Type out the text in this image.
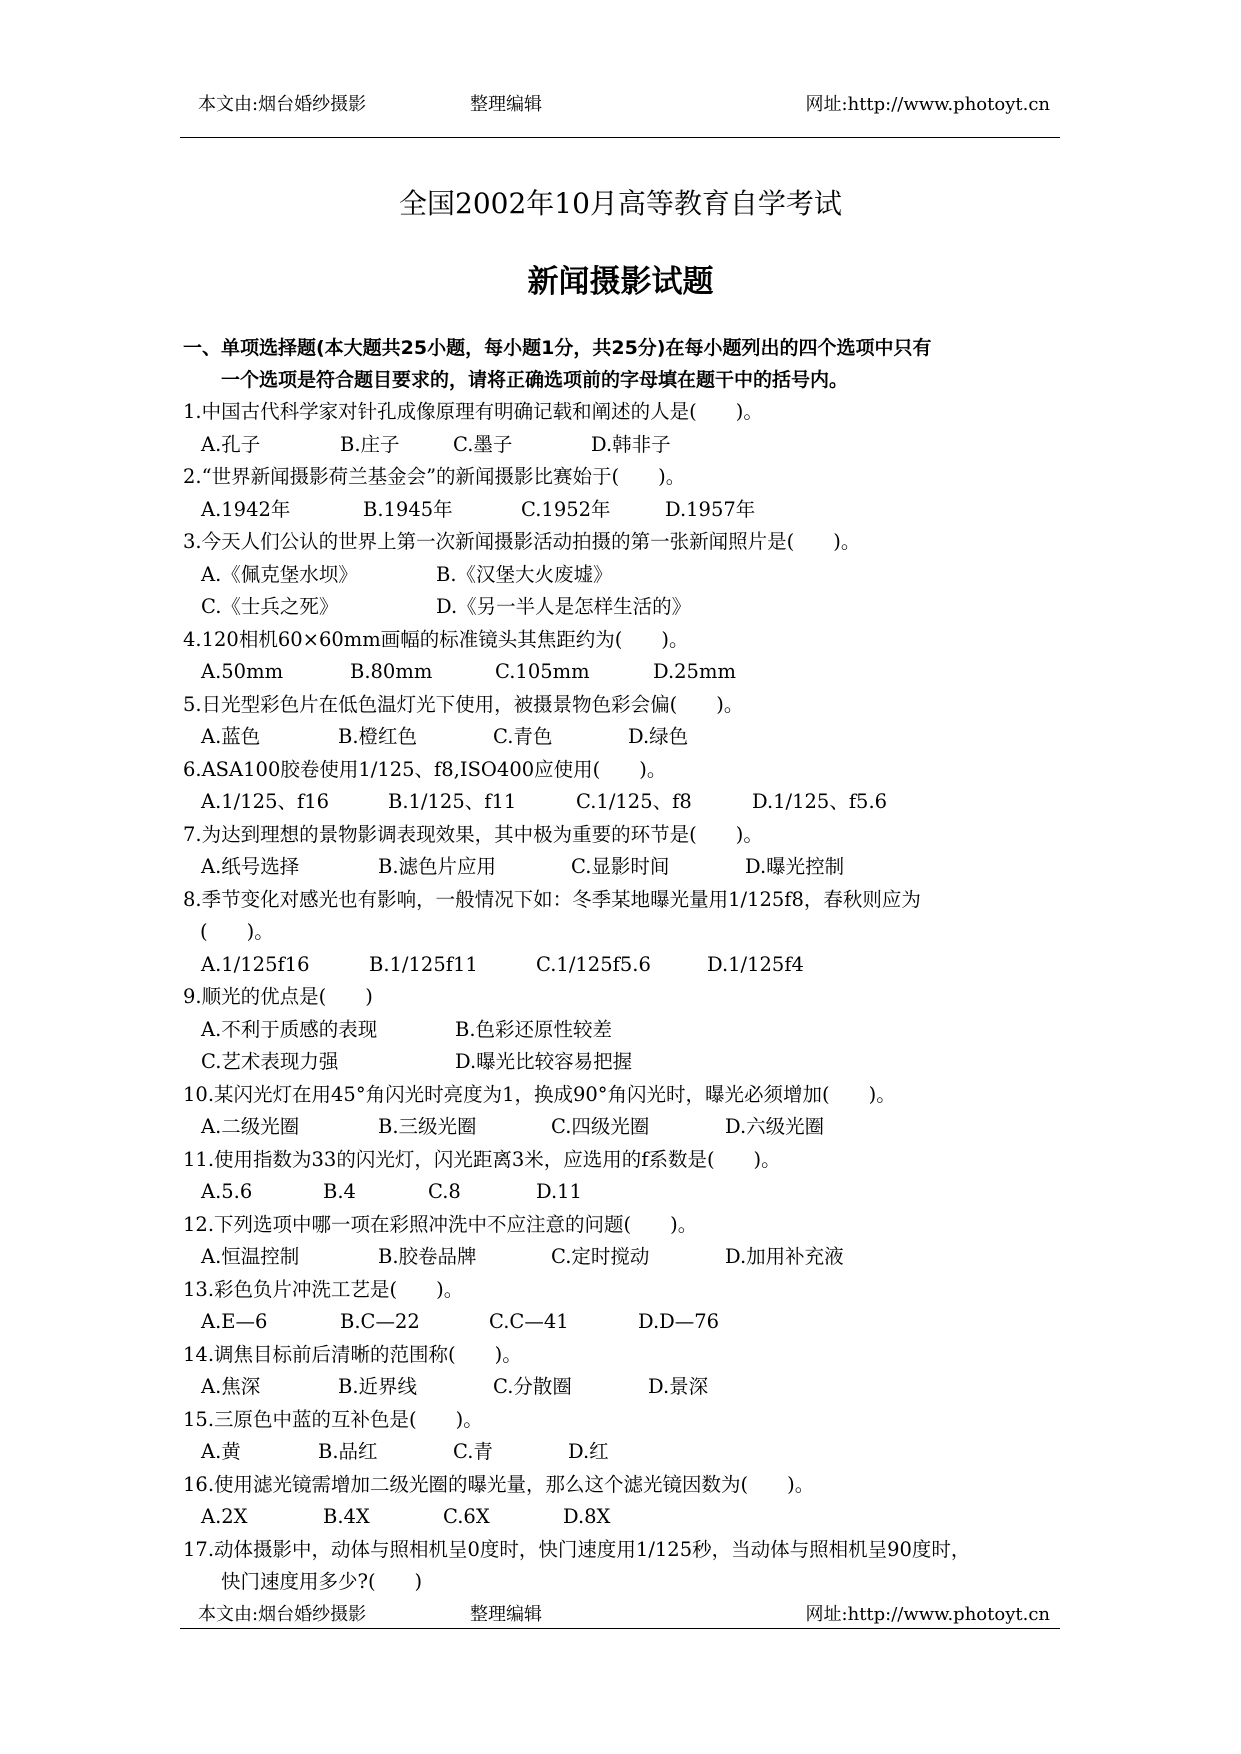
本文由:烟台婚纱摄影	整理编辑	网址:http://www.photoyt.cn
全国2002年10月高等教育自学考试
新闻摄影试题
一、单项选择题(本大题共25小题，每小题1分，共25分)在每小题列出的四个选项中只有
一个选项是符合题目要求的，请将正确选项前的字母填在题干中的括号内。
1.中国古代科学家对针孔成像原理有明确记载和阐述的人是(　　)。
A.孔子	B.庄子	C.墨子	D.韩非子
2.“世界新闻摄影荷兰基金会”的新闻摄影比赛始于(　　)。
A.1942年	B.1945年	C.1952年	D.1957年
3.今天人们公认的世界上第一次新闻摄影活动拍摄的第一张新闻照片是(　　)。
A.《佩克堡水坝》	B.《汉堡大火废墟》
C.《士兵之死》	D.《另一半人是怎样生活的》
4.120相机60×60mm画幅的标准镜头其焦距约为(　　)。
A.50mm	B.80mm	C.105mm	D.25mm
5.日光型彩色片在低色温灯光下使用，被摄景物色彩会偏(　　)。
A.蓝色	B.橙红色	C.青色	D.绿色
6.ASA100胶卷使用1/125、f8,ISO400应使用(　　)。
A.1/125、f16	B.1/125、f11	C.1/125、f8	D.1/125、f5.6
7.为达到理想的景物影调表现效果，其中极为重要的环节是(　　)。
A.纸号选择	B.滤色片应用	C.显影时间	D.曝光控制
8.季节变化对感光也有影响，一般情况下如：冬季某地曝光量用1/125f8，春秋则应为
(　　)。
A.1/125f16	B.1/125f11	C.1/125f5.6	D.1/125f4
9.顺光的优点是(　　)
A.不利于质感的表现	B.色彩还原性较差
C.艺术表现力强	D.曝光比较容易把握
10.某闪光灯在用45°角闪光时亮度为1，换成90°角闪光时，曝光必须增加(　　)。
A.二级光圈	B.三级光圈	C.四级光圈	D.六级光圈
11.使用指数为33的闪光灯，闪光距离3米，应选用的f系数是(　　)。
A.5.6	B.4	C.8	D.11
12.下列选项中哪一项在彩照冲洗中不应注意的问题(　　)。
A.恒温控制	B.胶卷品牌	C.定时搅动	D.加用补充液
13.彩色负片冲洗工艺是(　　)。
A.E—6	B.C—22	C.C—41	D.D—76
14.调焦目标前后清晰的范围称(　　)。
A.焦深	B.近界线	C.分散圈	D.景深
15.三原色中蓝的互补色是(　　)。
A.黄	B.品红	C.青	D.红
16.使用滤光镜需增加二级光圈的曝光量，那么这个滤光镜因数为(　　)。
A.2X	B.4X	C.6X	D.8X
17.动体摄影中，动体与照相机呈0度时，快门速度用1/125秒，当动体与照相机呈90度时，
快门速度用多少?(　　)
本文由:烟台婚纱摄影	整理编辑	网址:http://www.photoyt.cn
